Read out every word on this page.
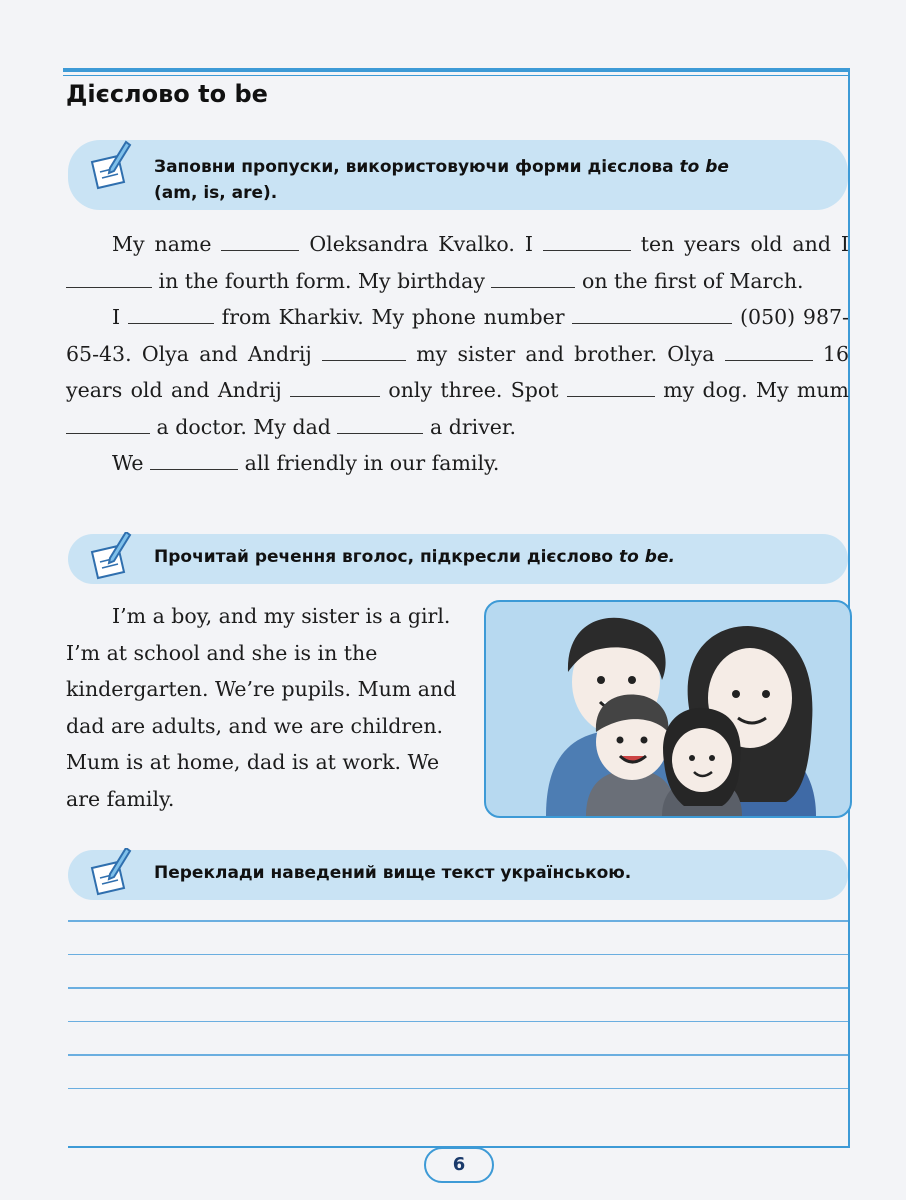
Дієслово to be
Заповни пропуски, використовуючи форми дієслова to be
(am, is, are).

My name	Oleksandra Kvalko. I	ten years old and I  in the fourth form. My birthday	on the first of March.

I	from Kharkiv. My phone number	(050) 987-65-43. Olya and Andrij	my sister and brother. Olya	16 years old and Andrij	only three. Spot	my dog. My mum  a doctor. My dad	a driver.

We	all friendly in our family.

Прочитай речення вголос, підкресли дієслово to be.

I’m a boy, and my sister is a girl. I’m at school and she is in the kindergarten. We’re pupils. Mum and dad are adults, and we are children. Mum is at home, dad is at work. We are family.

Переклади наведений вище текст українською.
6
